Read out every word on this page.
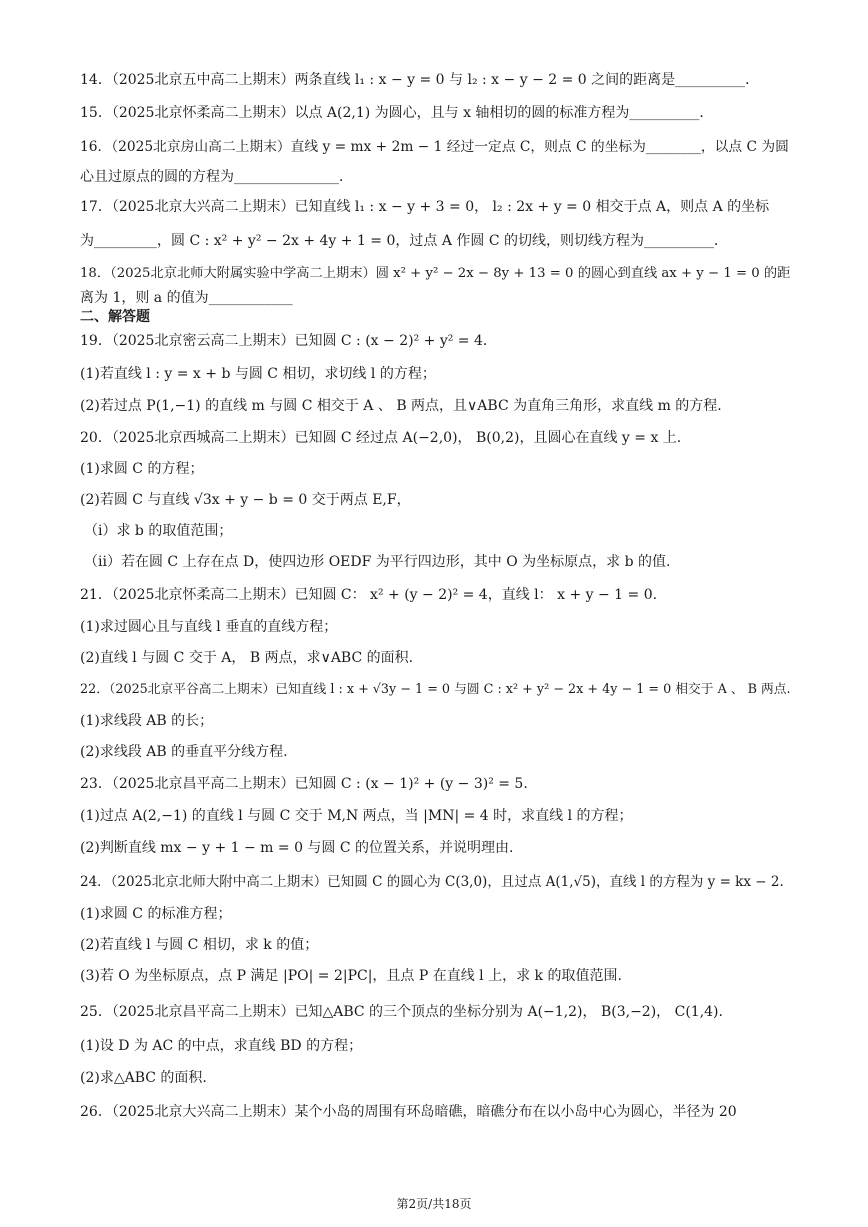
14．（2025北京五中高二上期末）两条直线 l₁ : x − y = 0 与 l₂ : x − y − 2 = 0 之间的距离是__________．
15．（2025北京怀柔高二上期末）以点 A(2,1) 为圆心，且与 x 轴相切的圆的标准方程为__________．
16．（2025北京房山高二上期末）直线 y = mx + 2m − 1 经过一定点 C，则点 C 的坐标为________，以点 C 为圆
心且过原点的圆的方程为_______________．
17．（2025北京大兴高二上期末）已知直线 l₁ : x − y + 3 = 0， l₂ : 2x + y = 0 相交于点 A，则点 A 的坐标
为_________，圆 C : x² + y² − 2x + 4y + 1 = 0，过点 A 作圆 C 的切线，则切线方程为__________．
18．（2025北京北师大附属实验中学高二上期末）圆 x² + y² − 2x − 8y + 13 = 0 的圆心到直线 ax + y − 1 = 0 的距
离为 1，则 a 的值为____________
二、解答题
19．（2025北京密云高二上期末）已知圆 C : (x − 2)² + y² = 4．
(1)若直线 l : y = x + b 与圆 C 相切，求切线 l 的方程；
(2)若过点 P(1,−1) 的直线 m 与圆 C 相交于 A 、 B 两点，且∨ABC 为直角三角形，求直线 m 的方程.
20．（2025北京西城高二上期末）已知圆 C 经过点 A(−2,0)， B(0,2)，且圆心在直线 y = x 上.
(1)求圆 C 的方程；
(2)若圆 C 与直线 √3x + y − b = 0 交于两点 E,F，
（i）求 b 的取值范围；
（ii）若在圆 C 上存在点 D，使四边形 OEDF 为平行四边形，其中 O 为坐标原点，求 b 的值.
21．（2025北京怀柔高二上期末）已知圆 C： x² + (y − 2)² = 4，直线 l： x + y − 1 = 0.
(1)求过圆心且与直线 l 垂直的直线方程；
(2)直线 l 与圆 C 交于 A， B 两点，求∨ABC 的面积.
22．（2025北京平谷高二上期末）已知直线 l : x + √3y − 1 = 0 与圆 C : x² + y² − 2x + 4y − 1 = 0 相交于 A 、 B 两点.
(1)求线段 AB 的长；
(2)求线段 AB 的垂直平分线方程.
23．（2025北京昌平高二上期末）已知圆 C : (x − 1)² + (y − 3)² = 5.
(1)过点 A(2,−1) 的直线 l 与圆 C 交于 M,N 两点，当 |MN| = 4 时，求直线 l 的方程；
(2)判断直线 mx − y + 1 − m = 0 与圆 C 的位置关系，并说明理由.
24．（2025北京北师大附中高二上期末）已知圆 C 的圆心为 C(3,0)，且过点 A(1,√5)，直线 l 的方程为 y = kx − 2.
(1)求圆 C 的标准方程；
(2)若直线 l 与圆 C 相切，求 k 的值；
(3)若 O 为坐标原点，点 P 满足 |PO| = 2|PC|，且点 P 在直线 l 上，求 k 的取值范围.
25．（2025北京昌平高二上期末）已知△ABC 的三个顶点的坐标分别为 A(−1,2)， B(3,−2)， C(1,4).
(1)设 D 为 AC 的中点，求直线 BD 的方程；
(2)求△ABC 的面积.
26．（2025北京大兴高二上期末）某个小岛的周围有环岛暗礁，暗礁分布在以小岛中心为圆心，半径为 20
第2页/共18页
